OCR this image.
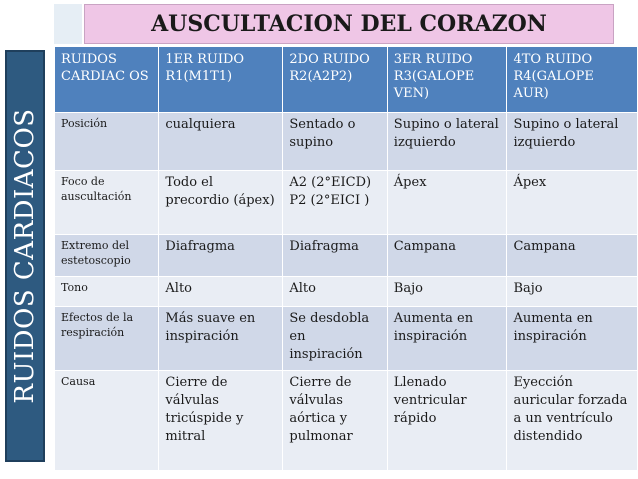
AUSCULTACION DEL CORAZON
RUIDOS CARDIACOS
RUIDOS CARDIAC OS	1ER RUIDO R1(M1T1)	2DO RUIDO R2(A2P2)	3ER RUIDO R3(GALOPE VEN)	4TO RUIDO R4(GALOPE AUR)
Posición	cualquiera	Sentado o supino	Supino o lateral izquierdo	Supino o lateral izquierdo
Foco de auscultación	Todo el precordio (ápex)	A2 (2°EICD) P2 (2°EICI )	Ápex	Ápex
Extremo del estetoscopio	Diafragma	Diafragma	Campana	Campana
Tono	Alto	Alto	Bajo	Bajo
Efectos de la respiración	Más suave en inspiración	Se desdobla en inspiración	Aumenta en inspiración	Aumenta en inspiración
Causa	Cierre de válvulas tricúspide y mitral	Cierre de válvulas aórtica y pulmonar	Llenado ventricular rápido	Eyección auricular forzada a un ventrículo distendido
